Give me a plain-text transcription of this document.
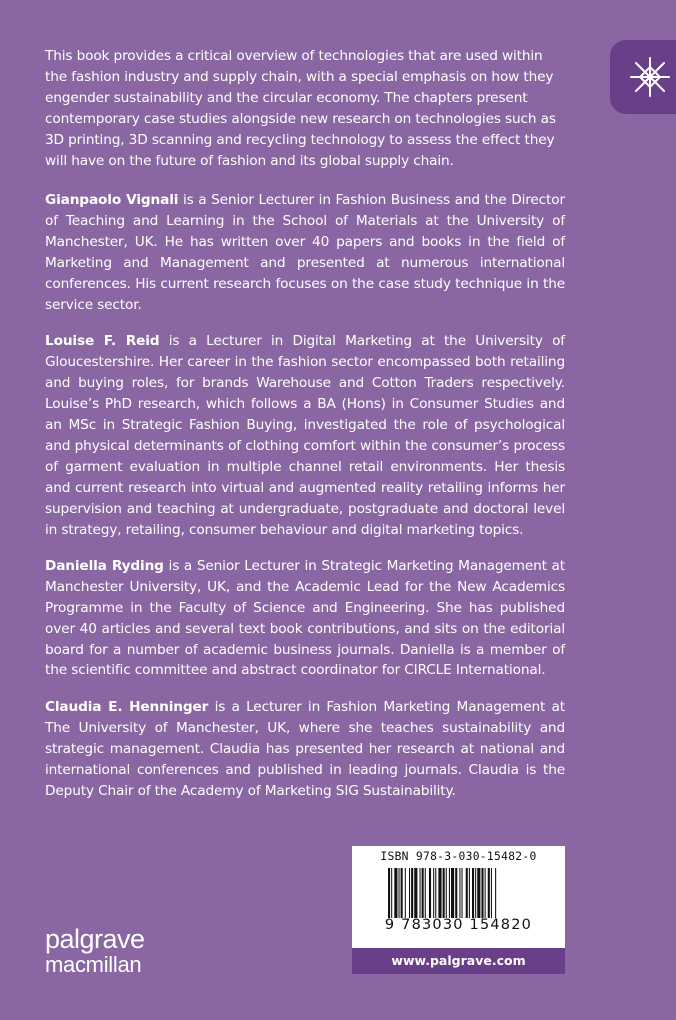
This book provides a critical overview of technologies that are used within the fashion industry and supply chain, with a special emphasis on how they engender sustainability and the circular economy. The chapters present contemporary case studies alongside new research on technologies such as 3D printing, 3D scanning and recycling technology to assess the effect they will have on the future of fashion and its global supply chain.

Gianpaolo Vignali is a Senior Lecturer in Fashion Business and the Director of Teaching and Learning in the School of Materials at the University of Manchester, UK. He has written over 40 papers and books in the field of Marketing and Management and presented at numerous international conferences. His current research focuses on the case study technique in the service sector.

Louise F. Reid is a Lecturer in Digital Marketing at the University of Gloucestershire. Her career in the fashion sector encompassed both retailing and buying roles, for brands Warehouse and Cotton Traders respectively. Louise’s PhD research, which follows a BA (Hons) in Consumer Studies and an MSc in Strategic Fashion Buying, investigated the role of psychological and physical determinants of clothing comfort within the consumer’s process of garment evaluation in multiple channel retail environments. Her thesis and current research into virtual and augmented reality retailing informs her supervision and teaching at undergraduate, postgraduate and doctoral level in strategy, retailing, consumer behaviour and digital marketing topics.

Daniella Ryding is a Senior Lecturer in Strategic Marketing Management at Manchester University, UK, and the Academic Lead for the New Academics Programme in the Faculty of Science and Engineering. She has published over 40 articles and several text book contributions, and sits on the editorial board for a number of academic business journals. Daniella is a member of the scientific committee and abstract coordinator for CIRCLE International.

Claudia E. Henninger is a Lecturer in Fashion Marketing Management at The University of Manchester, UK, where she teaches sustainability and strategic management. Claudia has presented her research at national and international conferences and published in leading journals. Claudia is the Deputy Chair of the Academy of Marketing SIG Sustainability.

ISBN 978-3-030-15482-0
9 783030 154820
www.palgrave.com
palgrave
macmillan
